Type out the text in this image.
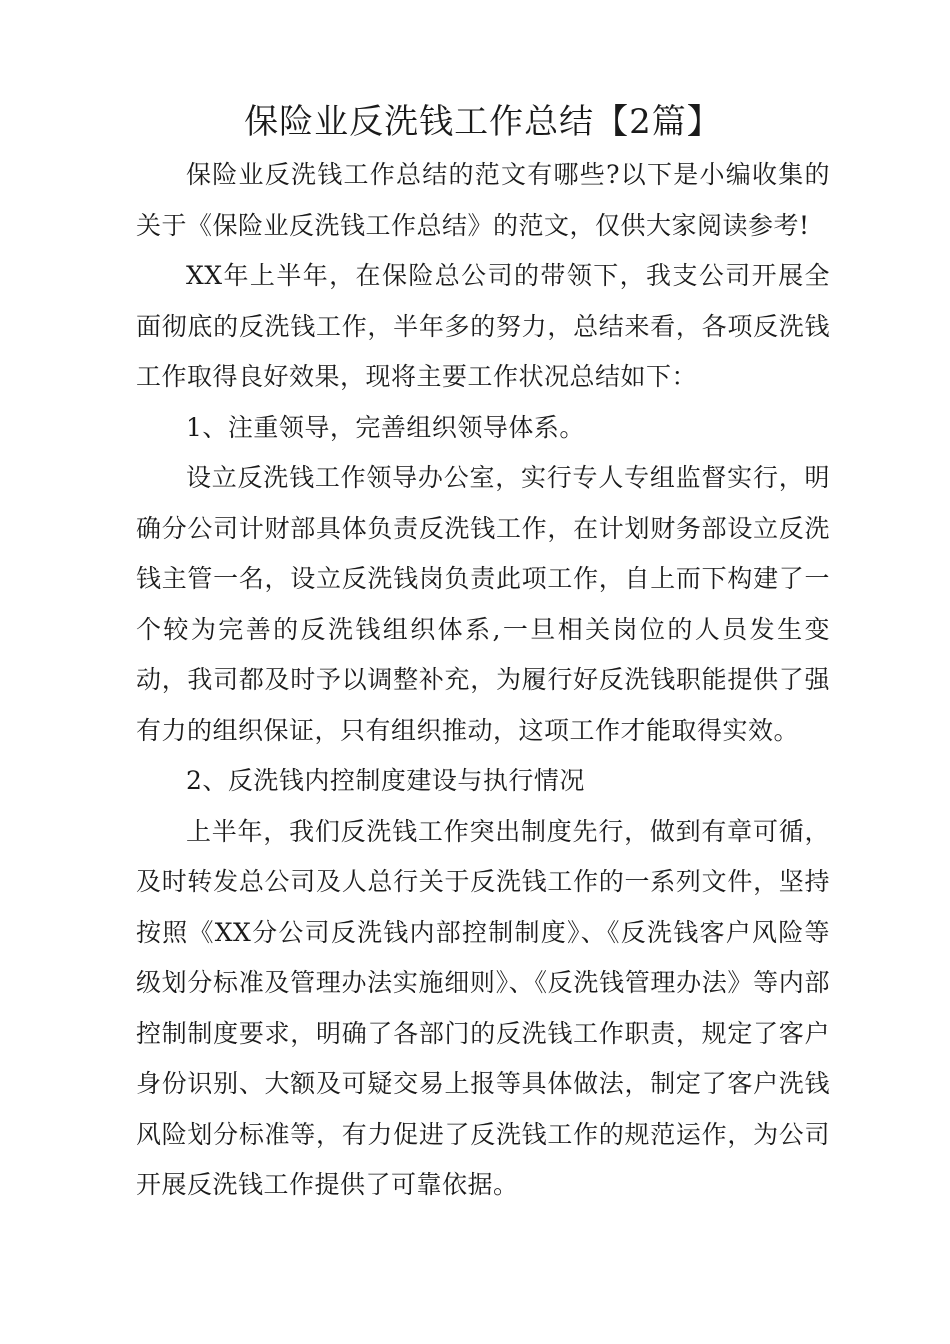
保险业反洗钱工作总结【2篇】

保险业反洗钱工作总结的范文有哪些?以下是小编收集的关于《保险业反洗钱工作总结》的范文，仅供大家阅读参考!

XX年上半年，在保险总公司的带领下，我支公司开展全面彻底的反洗钱工作，半年多的努力，总结来看，各项反洗钱工作取得良好效果，现将主要工作状况总结如下：

1、注重领导，完善组织领导体系。

设立反洗钱工作领导办公室，实行专人专组监督实行，明确分公司计财部具体负责反洗钱工作，在计划财务部设立反洗钱主管一名，设立反洗钱岗负责此项工作，自上而下构建了一个较为完善的反洗钱组织体系,一旦相关岗位的人员发生变动，我司都及时予以调整补充，为履行好反洗钱职能提供了强有力的组织保证，只有组织推动，这项工作才能取得实效。

2、反洗钱内控制度建设与执行情况

上半年，我们反洗钱工作突出制度先行，做到有章可循，及时转发总公司及人总行关于反洗钱工作的一系列文件，坚持按照《XX分公司反洗钱内部控制制度》、《反洗钱客户风险等级划分标准及管理办法实施细则》、《反洗钱管理办法》等内部控制制度要求，明确了各部门的反洗钱工作职责，规定了客户身份识别、大额及可疑交易上报等具体做法，制定了客户洗钱风险划分标准等，有力促进了反洗钱工作的规范运作，为公司开展反洗钱工作提供了可靠依据。
